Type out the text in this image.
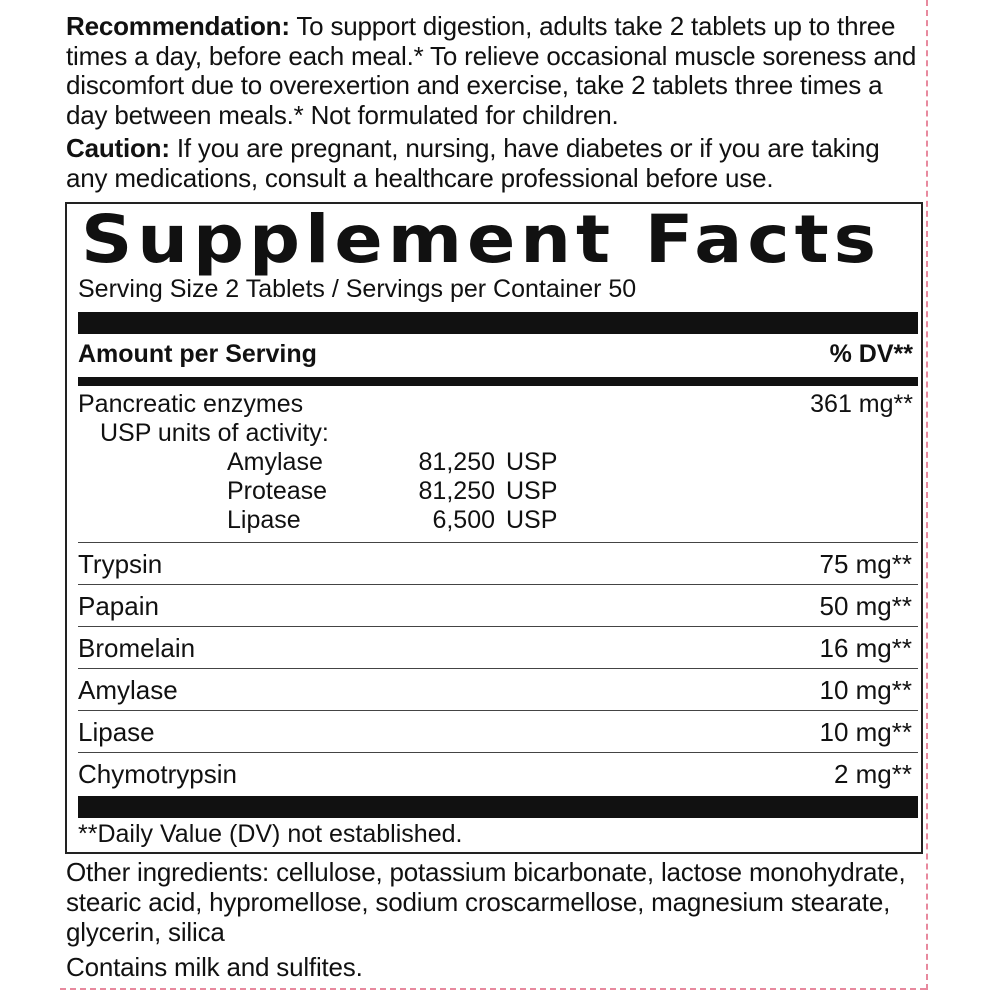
Recommendation: To support digestion, adults take 2 tablets up to three times a day, before each meal.* To relieve occasional muscle soreness and discomfort due to overexertion and exercise, take 2 tablets three times a day between meals.* Not formulated for children.
Caution: If you are pregnant, nursing, have diabetes or if you are taking any medications, consult a healthcare professional before use.
Supplement Facts
Serving Size 2 Tablets / Servings per Container 50
Amount per Serving	% DV**
Pancreatic enzymes	361 mg**
USP units of activity:
Amylase	81,250 USP
Protease	81,250 USP
Lipase	6,500 USP
Trypsin	75 mg**
Papain	50 mg**
Bromelain	16 mg**
Amylase	10 mg**
Lipase	10 mg**
Chymotrypsin	2 mg**
**Daily Value (DV) not established.
Other ingredients: cellulose, potassium bicarbonate, lactose monohydrate, stearic acid, hypromellose, sodium croscarmellose, magnesium stearate, glycerin, silica
Contains milk and sulfites.
